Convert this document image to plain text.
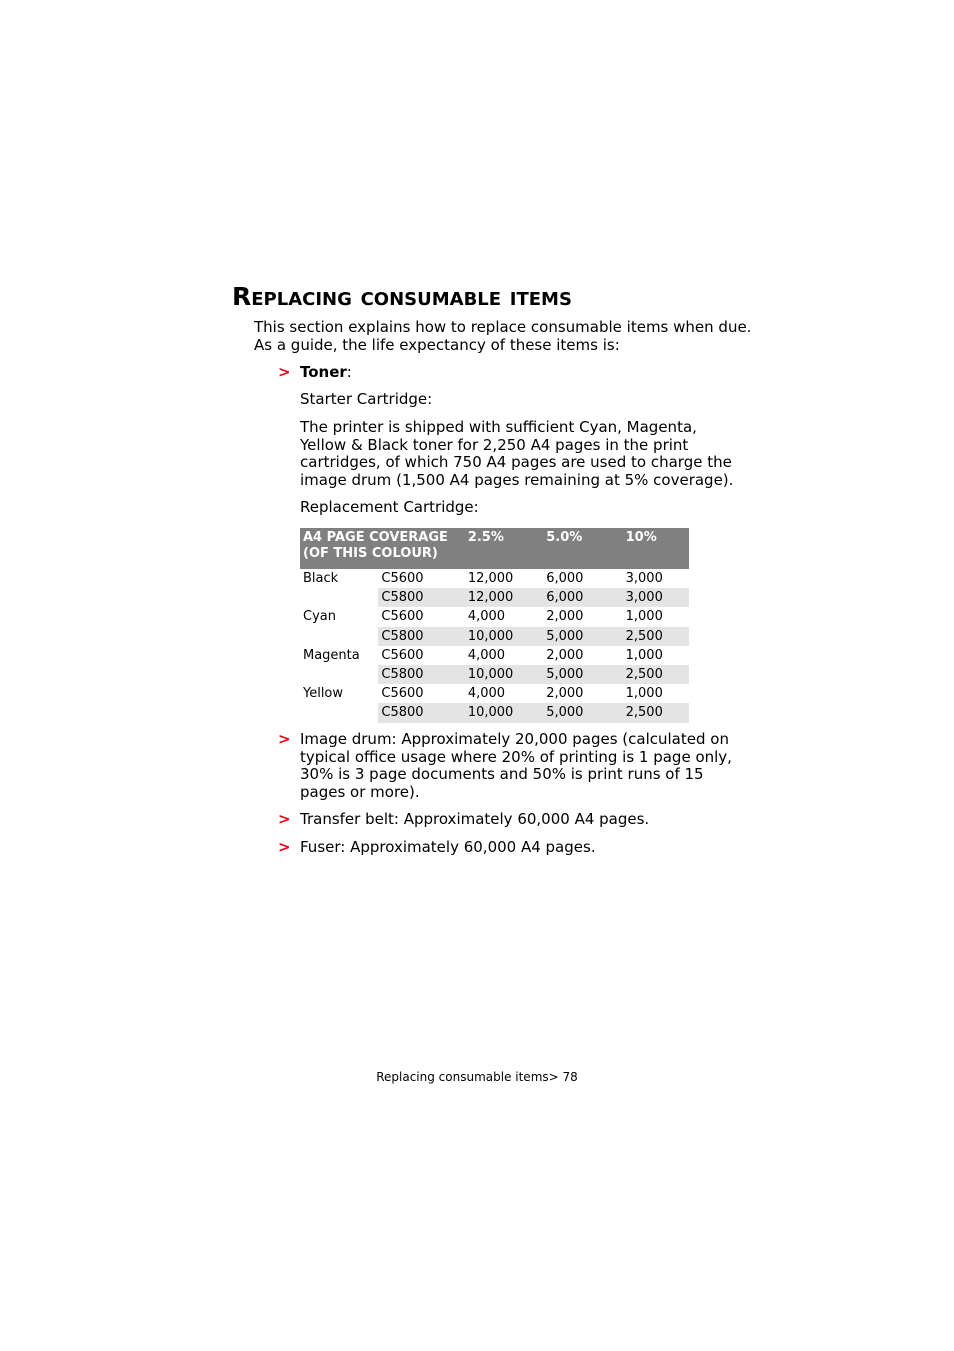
Replacing consumable items
This section explains how to replace consumable items when due.
As a guide, the life expectancy of these items is:
> Toner:
Starter Cartridge:
The printer is shipped with sufficient Cyan, Magenta,
Yellow & Black toner for 2,250 A4 pages in the print
cartridges, of which 750 A4 pages are used to charge the
image drum (1,500 A4 pages remaining at 5% coverage).
Replacement Cartridge:
A4 PAGE COVERAGE
(OF THIS COLOUR)		2.5%	5.0%	10%
Black	C5600	12,000	6,000	3,000
	C5800	12,000	6,000	3,000
Cyan	C5600	4,000	2,000	1,000
	C5800	10,000	5,000	2,500
Magenta	C5600	4,000	2,000	1,000
	C5800	10,000	5,000	2,500
Yellow	C5600	4,000	2,000	1,000
	C5800	10,000	5,000	2,500
> Image drum: Approximately 20,000 pages (calculated on
typical office usage where 20% of printing is 1 page only,
30% is 3 page documents and 50% is print runs of 15
pages or more).
> Transfer belt: Approximately 60,000 A4 pages.
> Fuser: Approximately 60,000 A4 pages.
Replacing consumable items> 78
